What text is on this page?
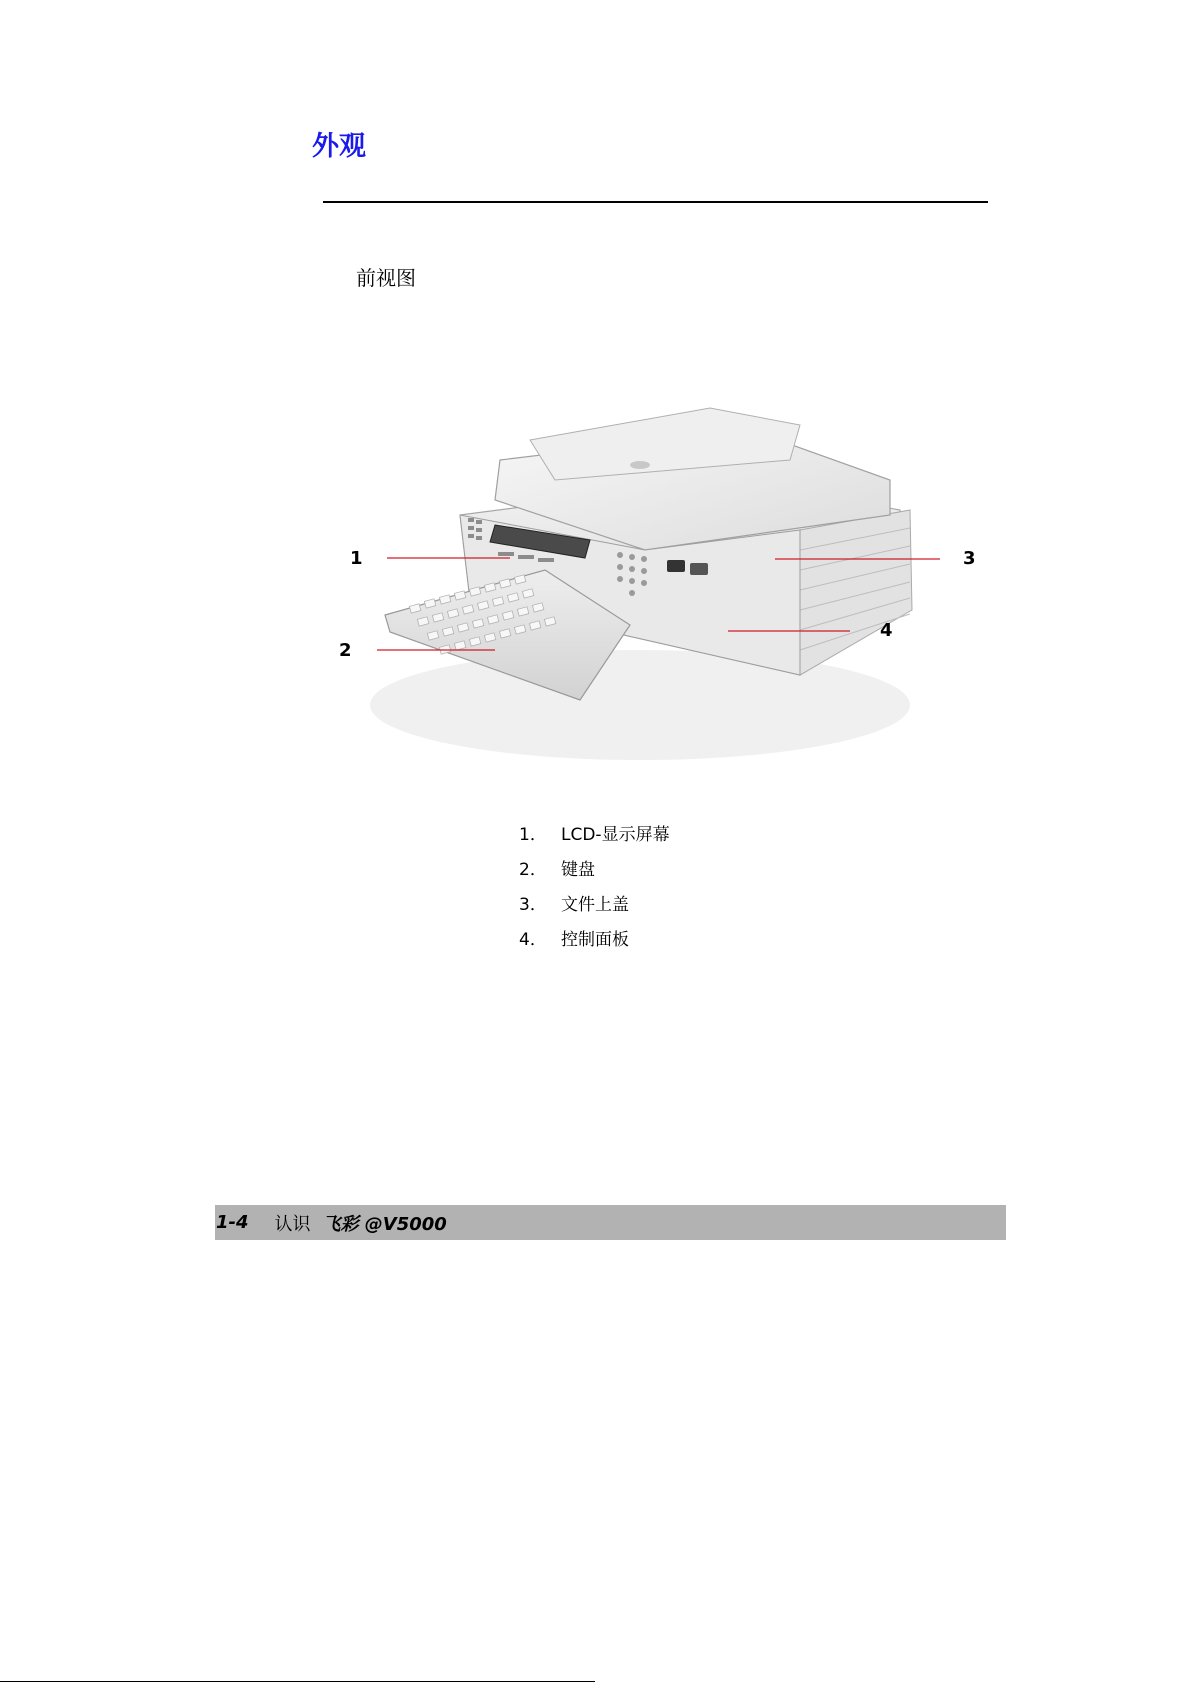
外观
前视图
1
2
3
4
1． LCD-显示屏幕
2． 键盘
3． 文件上盖
4． 控制面板
1-4 认识 飞彩 @V5000
